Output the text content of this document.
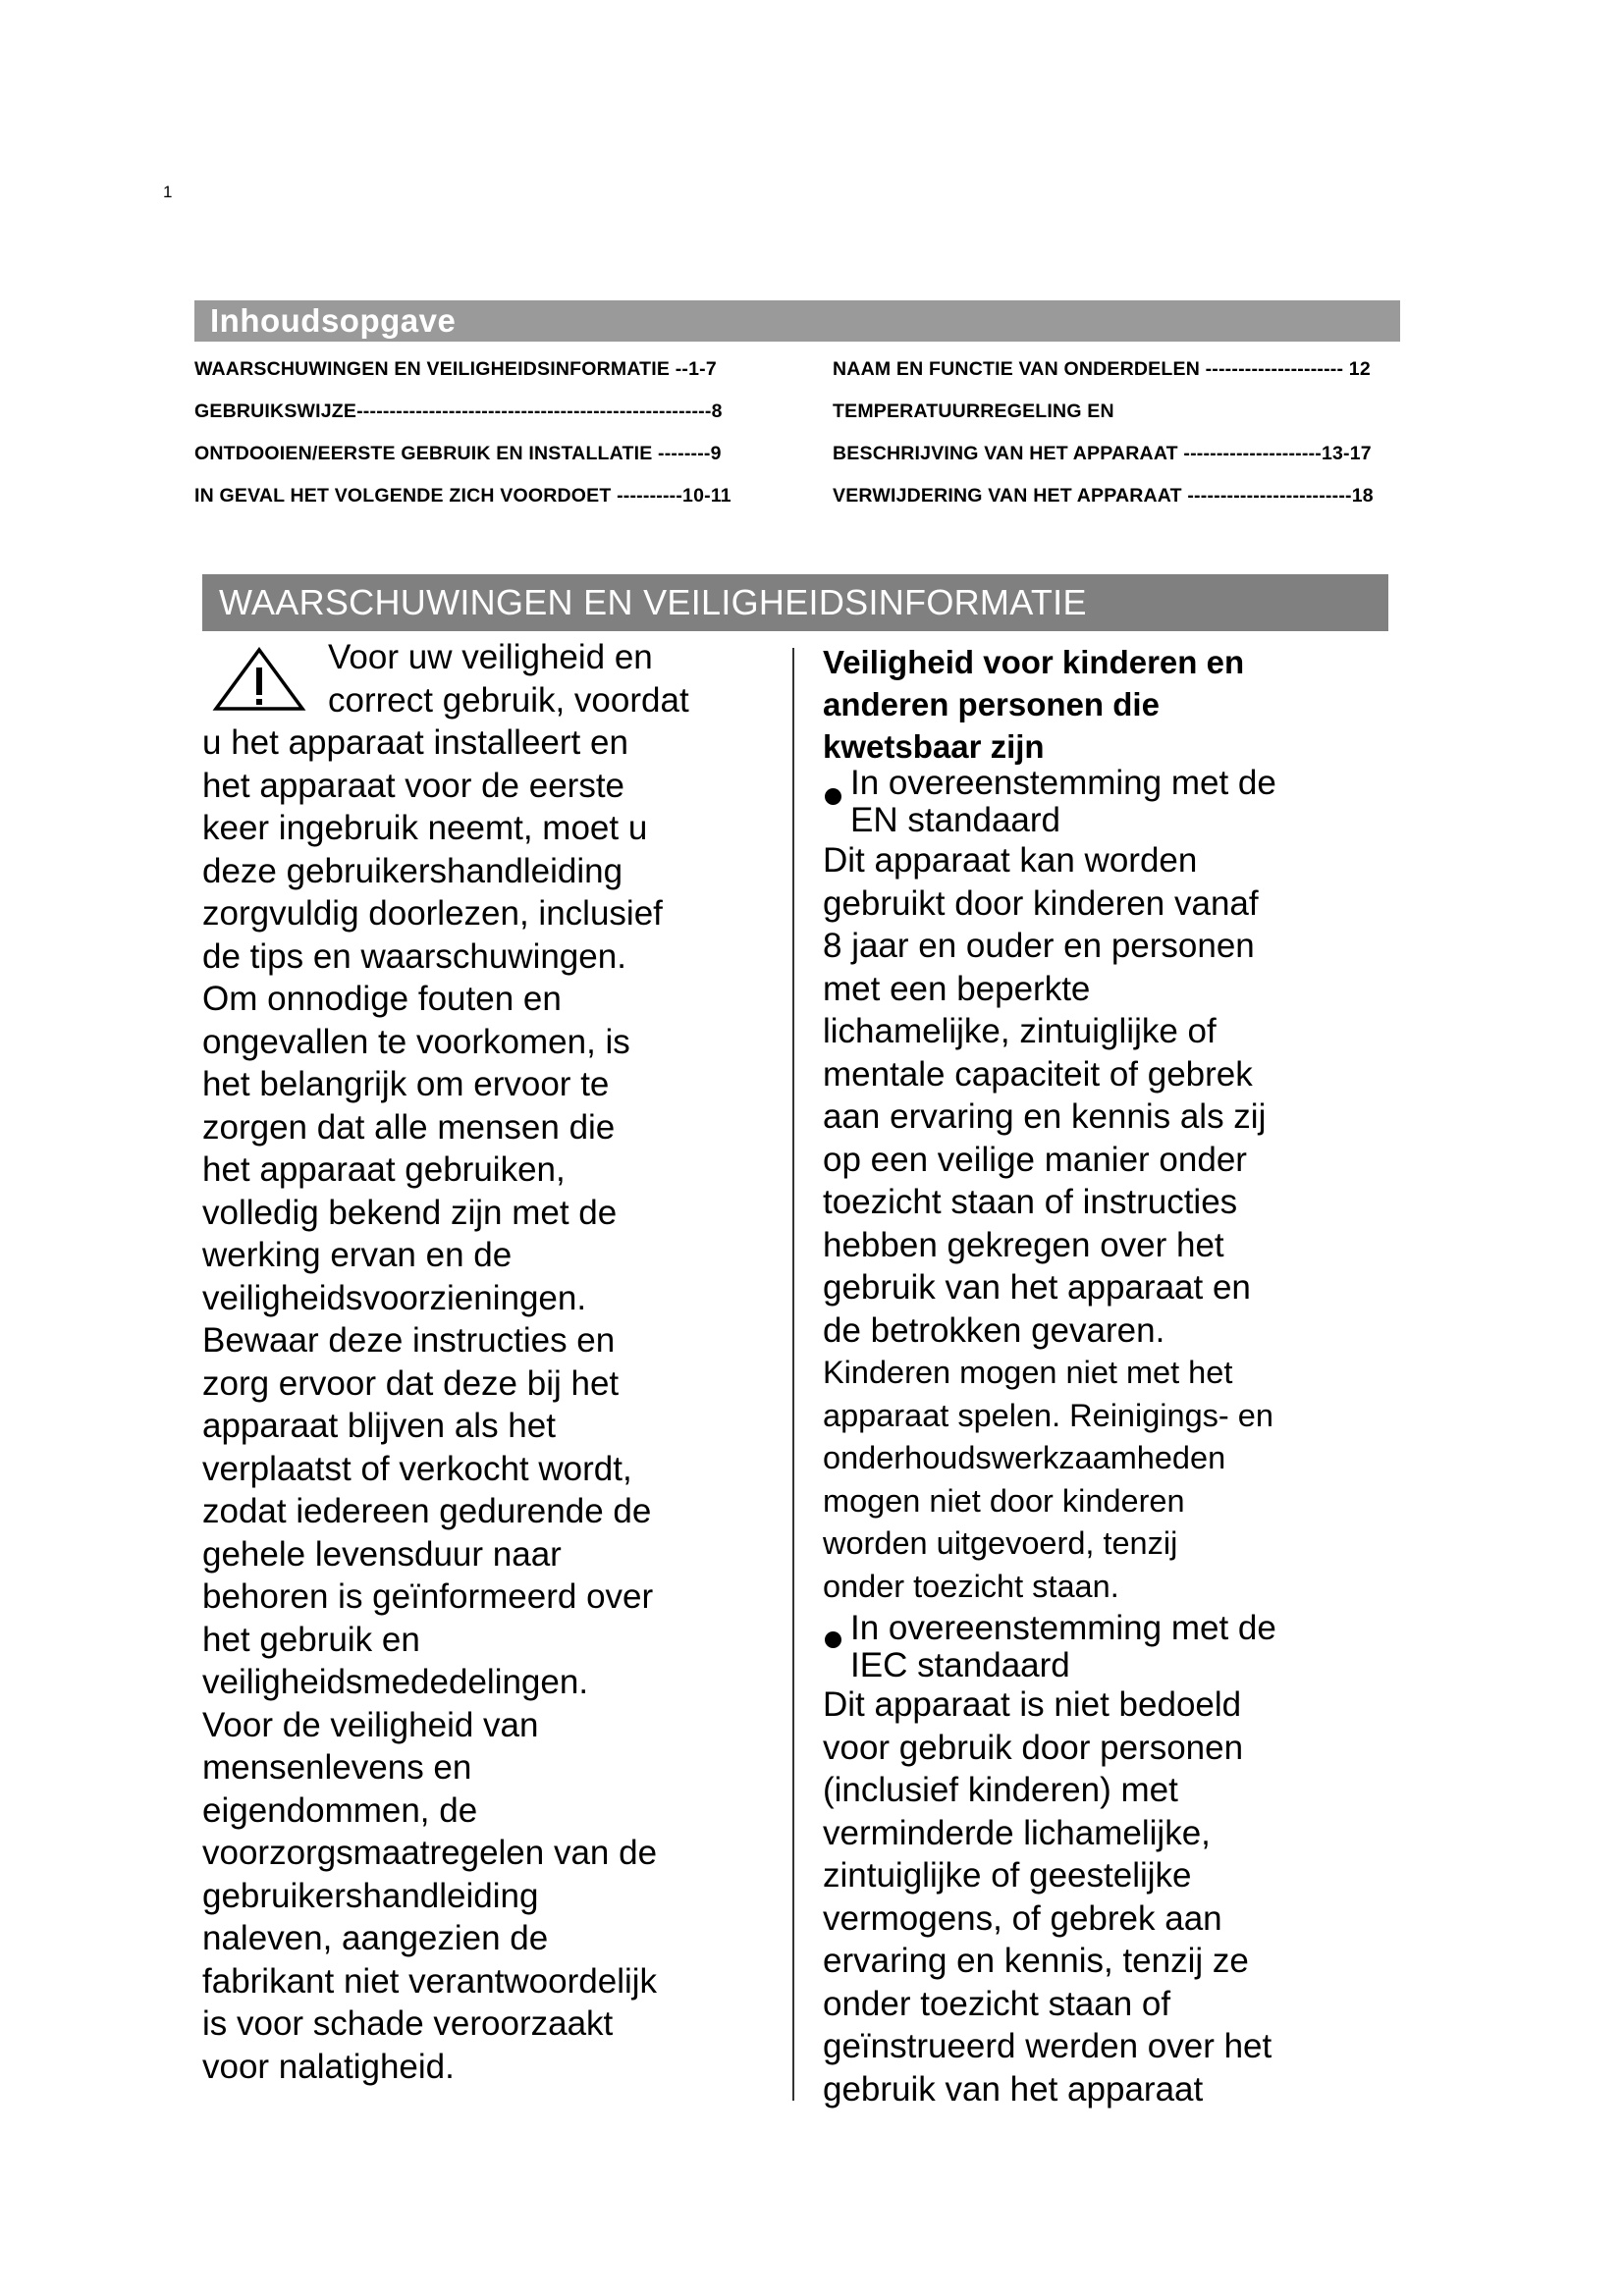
1
Inhoudsopgave
WAARSCHUWINGEN EN VEILIGHEIDSINFORMATIE --1-7
GEBRUIKSWIJZE------------------------------------------------------8
ONTDOOIEN/EERSTE GEBRUIK EN INSTALLATIE --------9
IN GEVAL HET VOLGENDE ZICH VOORDOET ----------10-11
NAAM EN FUNCTIE VAN ONDERDELEN --------------------- 12
TEMPERATUURREGELING EN
BESCHRIJVING VAN HET APPARAAT ---------------------13-17
VERWIJDERING VAN HET APPARAAT -------------------------18
WAARSCHUWINGEN EN VEILIGHEIDSINFORMATIE

Voor uw veiligheid en

correct gebruik, voordat

u het apparaat installeert en

het apparaat voor de eerste

keer ingebruik neemt, moet u

deze gebruikershandleiding

zorgvuldig doorlezen, inclusief

de tips en waarschuwingen.

Om onnodige fouten en

ongevallen te voorkomen, is

het belangrijk om ervoor te

zorgen dat alle mensen die

het apparaat gebruiken,

volledig bekend zijn met de

werking ervan en de

veiligheidsvoorzieningen.

Bewaar deze instructies en

zorg ervoor dat deze bij het

apparaat blijven als het

verplaatst of verkocht wordt,

zodat iedereen gedurende de

gehele levensduur naar

behoren is geïnformeerd over

het gebruik en

veiligheidsmededelingen.

Voor de veiligheid van

mensenlevens en

eigendommen, de

voorzorgsmaatregelen van de

gebruikershandleiding

naleven, aangezien de

fabrikant niet verantwoordelijk

is voor schade veroorzaakt

voor nalatigheid.

Veiligheid voor kinderen en
anderen personen die
kwetsbaar zijn

In overeenstemming met de

EN standaard

Dit apparaat kan worden

gebruikt door kinderen vanaf

8 jaar en ouder en personen

met een beperkte

lichamelijke, zintuiglijke of

mentale capaciteit of gebrek

aan ervaring en kennis als zij

op een veilige manier onder

toezicht staan of instructies

hebben gekregen over het

gebruik van het apparaat en

de betrokken gevaren.

Kinderen mogen niet met het

apparaat spelen. Reinigings- en

onderhoudswerkzaamheden

mogen niet door kinderen

worden uitgevoerd, tenzij

onder toezicht staan.

In overeenstemming met de

IEC standaard

Dit apparaat is niet bedoeld

voor gebruik door personen

(inclusief kinderen) met

verminderde lichamelijke,

zintuiglijke of geestelijke

vermogens, of gebrek aan

ervaring en kennis, tenzij ze

onder toezicht staan of

geïnstrueerd werden over het

gebruik van het apparaat
